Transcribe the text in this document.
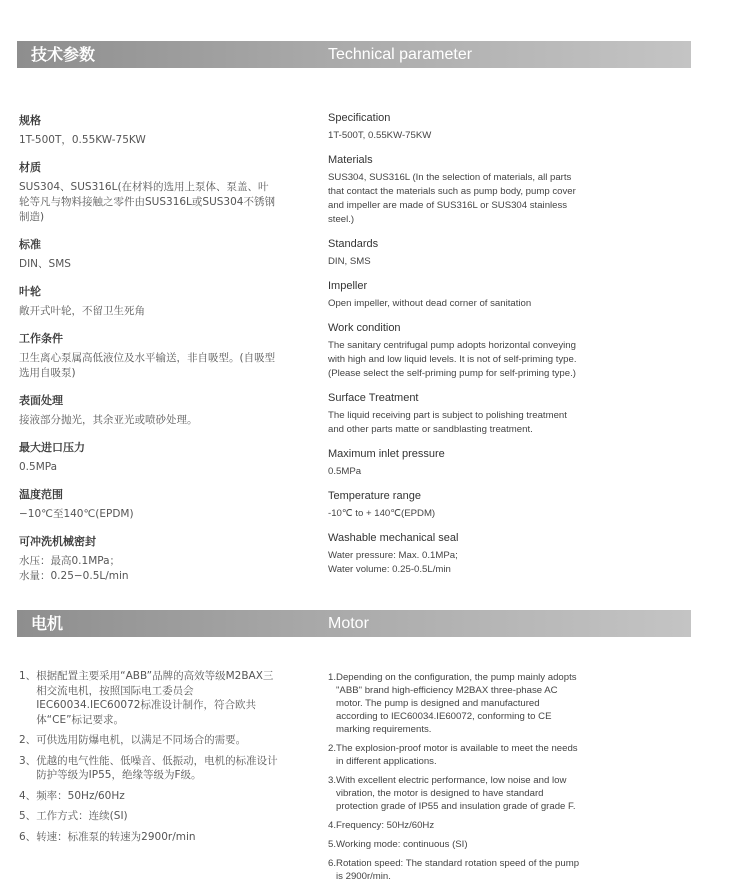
技术参数	Technical parameter
规格
1T-500T，0.55KW-75KW
材质
SUS304、SUS316L(在材料的选用上泵体、泵盖、叶轮等凡与物料接触之零件由SUS316L或SUS304不锈钢制造)
标准
DIN、SMS
叶轮
敞开式叶轮，不留卫生死角
工作条件
卫生离心泵属高低液位及水平输送，非自吸型。(自吸型选用自吸泵)
表面处理
接液部分抛光，其余亚光或喷砂处理。
最大进口压力
0.5MPa
温度范围
−10℃至140℃(EPDM)
可冲洗机械密封
水压：最高0.1MPa；
水量：0.25−0.5L/min
Specification
1T-500T, 0.55KW-75KW
Materials
SUS304, SUS316L (In the selection of materials, all parts that contact the materials such as pump body, pump cover and impeller are made of SUS316L or SUS304 stainless steel.)
Standards
DIN, SMS
Impeller
Open impeller, without dead corner of sanitation
Work condition
The sanitary centrifugal pump adopts horizontal conveying with high and low liquid levels. It is not of self-priming type. (Please select the self-priming pump for self-priming type.)
Surface Treatment
The liquid receiving part is subject to polishing treatment and other parts matte or sandblasting treatment.
Maximum inlet pressure
0.5MPa
Temperature range
-10℃ to + 140℃(EPDM)
Washable mechanical seal
Water pressure: Max. 0.1MPa;
Water volume: 0.25-0.5L/min
电机	Motor
1、 根据配置主要采用“ABB”品牌的高效等级M2BAX三相交流电机，按照国际电工委员会IEC60034.IEC60072标准设计制作，符合欧共体“CE”标记要求。
2、 可供选用防爆电机，以满足不同场合的需要。
3、 优越的电气性能、低噪音、低振动，电机的标准设计防护等级为IP55，绝缘等级为F级。
4、 频率：50Hz/60Hz
5、 工作方式：连续(SI)
6、 转速：标准泵的转速为2900r/min
1. Depending on the configuration, the pump mainly adopts "ABB" brand high-efficiency M2BAX three-phase AC motor. The pump is designed and manufactured according to IEC60034.IE60072, conforming to CE marking requirements.
2. The explosion-proof motor is available to meet the needs in different applications.
3. With excellent electric performance, low noise and low vibration, the motor is designed to have standard protection grade of IP55 and insulation grade of grade F.
4. Frequency: 50Hz/60Hz
5. Working mode: continuous (SI)
6. Rotation speed: The standard rotation speed of the pump is 2900r/min.
